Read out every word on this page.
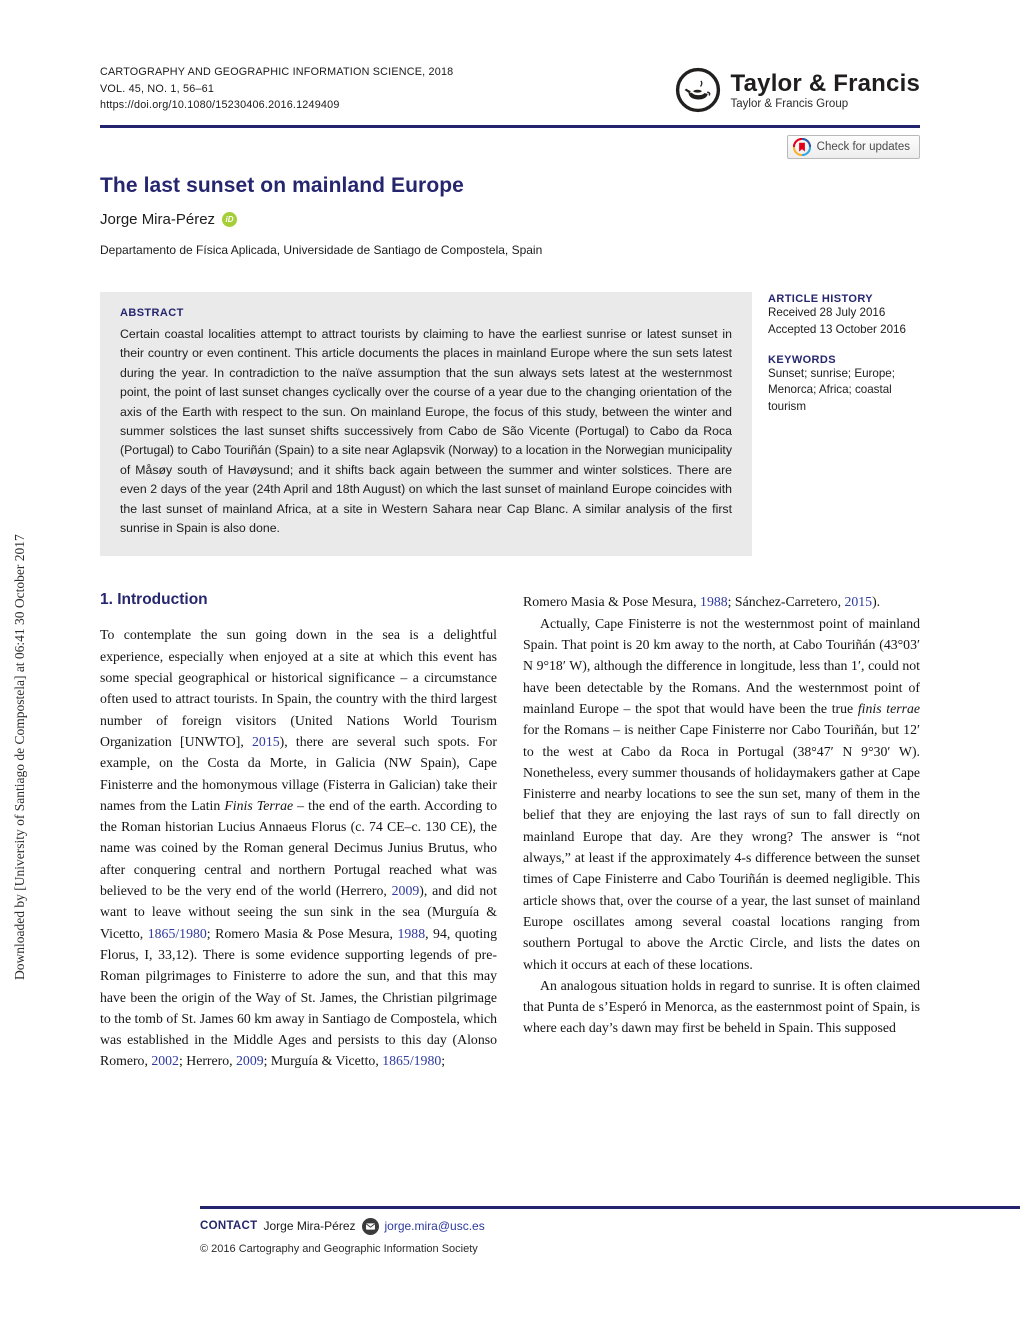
Downloaded by [University of Santiago de Compostela] at 06:41 30 October 2017
CARTOGRAPHY AND GEOGRAPHIC INFORMATION SCIENCE, 2018
VOL. 45, NO. 1, 56–61
https://doi.org/10.1080/15230406.2016.1249409
Taylor & Francis
Taylor & Francis Group
Check for updates
The last sunset on mainland Europe
Jorge Mira-Pérez	iD
Departamento de Física Aplicada, Universidade de Santiago de Compostela, Spain
ABSTRACT
Certain coastal localities attempt to attract tourists by claiming to have the earliest sunrise or latest sunset in their country or even continent. This article documents the places in mainland Europe where the sun sets latest during the year. In contradiction to the naïve assumption that the sun always sets latest at the westernmost point, the point of last sunset changes cyclically over the course of a year due to the changing orientation of the axis of the Earth with respect to the sun. On mainland Europe, the focus of this study, between the winter and summer solstices the last sunset shifts successively from Cabo de São Vicente (Portugal) to Cabo da Roca (Portugal) to Cabo Touriñán (Spain) to a site near Aglapsvik (Norway) to a location in the Norwegian municipality of Måsøy south of Havøysund; and it shifts back again between the summer and winter solstices. There are even 2 days of the year (24th April and 18th August) on which the last sunset of mainland Europe coincides with the last sunset of mainland Africa, at a site in Western Sahara near Cap Blanc. A similar analysis of the first sunrise in Spain is also done.
ARTICLE HISTORY
Received 28 July 2016
Accepted 13 October 2016
KEYWORDS
Sunset; sunrise; Europe; Menorca; Africa; coastal tourism
1. Introduction

To contemplate the sun going down in the sea is a delightful experience, especially when enjoyed at a site at which this event has some special geographical or historical significance – a circumstance often used to attract tourists. In Spain, the country with the third largest number of foreign visitors (United Nations World Tourism Organization [UNWTO], 2015), there are several such spots. For example, on the Costa da Morte, in Galicia (NW Spain), Cape Finisterre and the homonymous village (Fisterra in Galician) take their names from the Latin Finis Terrae – the end of the earth. According to the Roman historian Lucius Annaeus Florus (c. 74 CE–c. 130 CE), the name was coined by the Roman general Decimus Junius Brutus, who after conquering central and northern Portugal reached what was believed to be the very end of the world (Herrero, 2009), and did not want to leave without seeing the sun sink in the sea (Murguía & Vicetto, 1865/1980; Romero Masia & Pose Mesura, 1988, 94, quoting Florus, I, 33,12). There is some evidence supporting legends of pre-Roman pilgrimages to Finisterre to adore the sun, and that this may have been the origin of the Way of St. James, the Christian pilgrimage to the tomb of St. James 60 km away in Santiago de Compostela, which was established in the Middle Ages and persists to this day (Alonso Romero, 2002; Herrero, 2009; Murguía & Vicetto, 1865/1980;

Romero Masia & Pose Mesura, 1988; Sánchez-Carretero, 2015).

Actually, Cape Finisterre is not the westernmost point of mainland Spain. That point is 20 km away to the north, at Cabo Touriñán (43°03′ N 9°18′ W), although the difference in longitude, less than 1′, could not have been detectable by the Romans. And the westernmost point of mainland Europe – the spot that would have been the true finis terrae for the Romans – is neither Cape Finisterre nor Cabo Touriñán, but 12′ to the west at Cabo da Roca in Portugal (38°47′ N 9°30′ W). Nonetheless, every summer thousands of holidaymakers gather at Cape Finisterre and nearby locations to see the sun set, many of them in the belief that they are enjoying the last rays of sun to fall directly on mainland Europe that day. Are they wrong? The answer is “not always,” at least if the approximately 4-s difference between the sunset times of Cape Finisterre and Cabo Touriñán is deemed negligible. This article shows that, over the course of a year, the last sunset of mainland Europe oscillates among several coastal locations ranging from southern Portugal to above the Arctic Circle, and lists the dates on which it occurs at each of these locations.

An analogous situation holds in regard to sunrise. It is often claimed that Punta de s’Esperó in Menorca, as the easternmost point of Spain, is where each day’s dawn may first be beheld in Spain. This supposed

CONTACT Jorge Mira-Pérez jorge.mira@usc.es
© 2016 Cartography and Geographic Information Society
